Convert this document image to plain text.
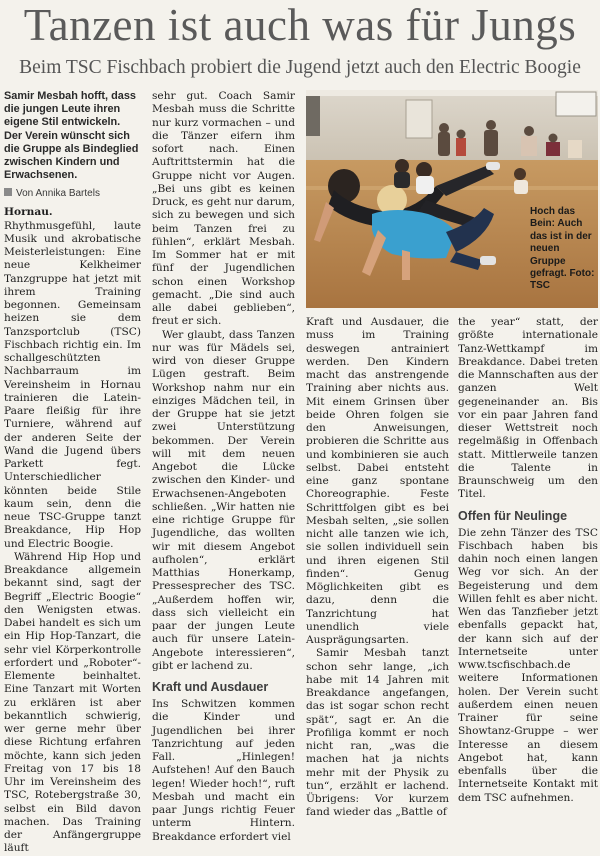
Tanzen ist auch was für Jungs
Beim TSC Fischbach probiert die Jugend jetzt auch den Electric Boogie

Samir Mesbah hofft, dass die jungen Leute ihren eigene Stil entwickeln. Der Verein wünscht sich die Gruppe als Bindeglied zwischen Kindern und Erwachsenen.

Von Annika Bartels

Hornau. Rhythmusgefühl, laute Musik und akrobatische Meisterleistungen: Eine neue Kelkheimer Tanzgruppe hat jetzt mit ihrem Training begonnen. Gemeinsam heizen sie dem Tanzsportclub (TSC) Fischbach richtig ein. Im schallgeschützten Nachbarraum im Vereinsheim in Hornau trainieren die Latein-Paare fleißig für ihre Turniere, während auf der anderen Seite der Wand die Jugend übers Parkett fegt. Unterschiedlicher könnten beide Stile kaum sein, denn die neue TSC-Gruppe tanzt Breakdance, Hip Hop und Electric Boogie.

Während Hip Hop und Breakdance allgemein bekannt sind, sagt der Begriff „Electric Boogie“ den Wenigsten etwas. Dabei handelt es sich um ein Hip Hop-Tanzart, die sehr viel Körperkontrolle erfordert und „Roboter“-Elemente beinhaltet. Eine Tanzart mit Worten zu erklären ist aber bekanntlich schwierig, wer gerne mehr über diese Richtung erfahren möchte, kann sich jeden Freitag von 17 bis 18 Uhr im Vereinsheim des TSC, Rotebergstraße 30, selbst ein Bild davon machen. Das Training der Anfängergruppe läuft

sehr gut. Coach Samir Mesbah muss die Schritte nur kurz vormachen – und die Tänzer eifern ihm sofort nach. Einen Auftrittstermin hat die Gruppe nicht vor Augen. „Bei uns gibt es keinen Druck, es geht nur darum, sich zu bewegen und sich beim Tanzen frei zu fühlen“, erklärt Mesbah. Im Sommer hat er mit fünf der Jugendlichen schon einen Workshop gemacht. „Die sind auch alle dabei geblieben“, freut er sich.

Wer glaubt, dass Tanzen nur was für Mädels sei, wird von dieser Gruppe Lügen gestraft. Beim Workshop nahm nur ein einziges Mädchen teil, in der Gruppe hat sie jetzt zwei Unterstützung bekommen. Der Verein will mit dem neuen Angebot die Lücke zwischen den Kinder- und Erwachsenen-Angeboten schließen. „Wir hatten nie eine richtige Gruppe für Jugendliche, das wollten wir mit diesem Angebot aufholen“, erklärt Matthias Honerkamp, Pressesprecher des TSC. „Außerdem hoffen wir, dass sich vielleicht ein paar der jungen Leute auch für unsere Latein-Angebote interessieren“, gibt er lachend zu.

Kraft und Ausdauer

Ins Schwitzen kommen die Kinder und Jugendlichen bei ihrer Tanzrichtung auf jeden Fall. „Hinlegen! Aufstehen! Auf den Bauch legen! Wieder hoch!“, ruft Mesbah und macht ein paar Jungs richtig Feuer unterm Hintern. Breakdance erfordert viel

Hoch das Bein: Auch das ist in der neuen Gruppe gefragt. Foto: TSC

Kraft und Ausdauer, die muss im Training deswegen antrainiert werden. Den Kindern macht das anstrengende Training aber nichts aus. Mit einem Grinsen über beide Ohren folgen sie den Anweisungen, probieren die Schritte aus und kombinieren sie auch selbst. Dabei entsteht eine ganz spontane Choreographie. Feste Schrittfolgen gibt es bei Mesbah selten, „sie sollen nicht alle tanzen wie ich, sie sollen individuell sein und ihren eigenen Stil finden“. Genug Möglichkeiten gibt es dazu, denn die Tanzrichtung hat unendlich viele Ausprägungsarten.

Samir Mesbah tanzt schon sehr lange, „ich habe mit 14 Jahren mit Breakdance angefangen, das ist sogar schon recht spät“, sagt er. An die Profiliga kommt er noch nicht ran, „was die machen hat ja nichts mehr mit der Physik zu tun“, erzählt er lachend. Übrigens: Vor kurzem fand wieder das „Battle of

the year“ statt, der größte internationale Tanz-Wettkampf im Breakdance. Dabei treten die Mannschaften aus der ganzen Welt gegeneinander an. Bis vor ein paar Jahren fand dieser Wettstreit noch regelmäßig in Offenbach statt. Mittlerweile tanzen die Talente in Braunschweig um den Titel.

Offen für Neulinge

Die zehn Tänzer des TSC Fischbach haben bis dahin noch einen langen Weg vor sich. An der Begeisterung und dem Willen fehlt es aber nicht. Wen das Tanzfieber jetzt ebenfalls gepackt hat, der kann sich auf der Internetseite unter www.tscfischbach.de weitere Informationen holen. Der Verein sucht außerdem einen neuen Trainer für seine Showtanz-Gruppe – wer Interesse an diesem Angebot hat, kann ebenfalls über die Internetseite Kontakt mit dem TSC aufnehmen.
